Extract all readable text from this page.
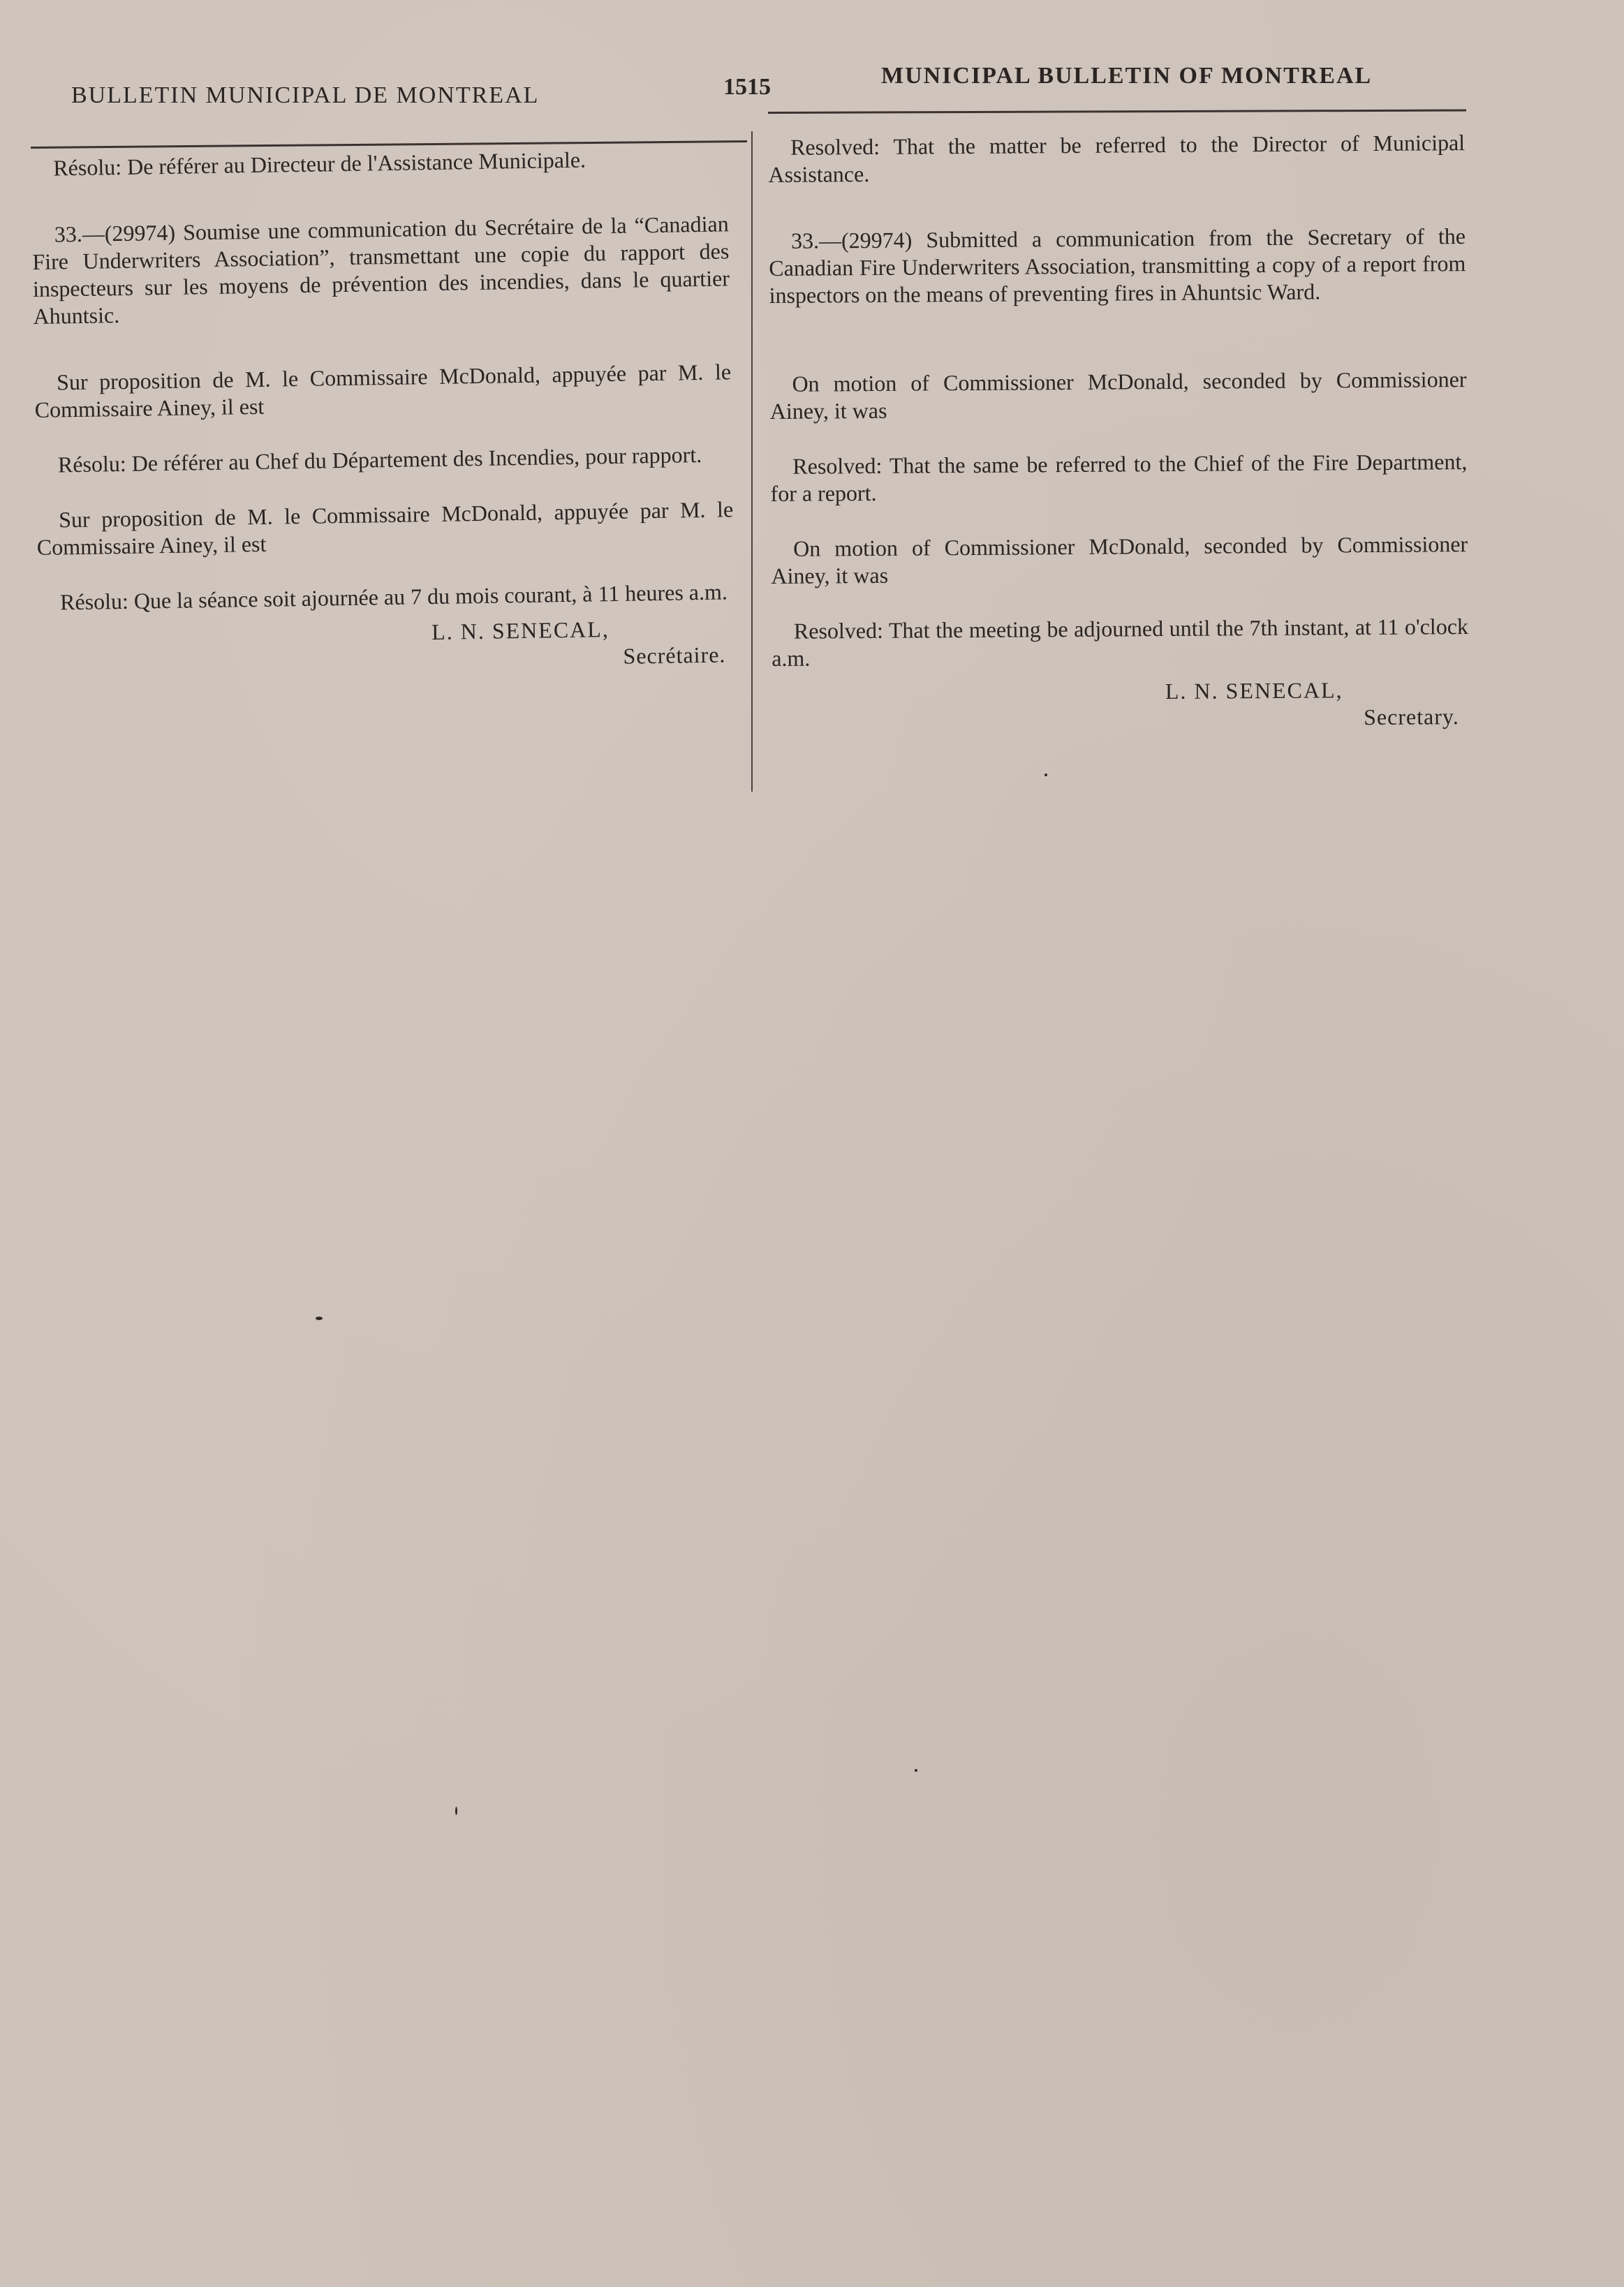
BULLETIN MUNICIPAL DE MONTREAL	1515	MUNICIPAL BULLETIN OF MONTREAL

Résolu: De référer au Directeur de l'Assistance Municipale.

33.—(29974) Soumise une communication du Secrétaire de la “Canadian Fire Underwriters Association”, transmettant une copie du rapport des inspecteurs sur les moyens de prévention des incendies, dans le quartier Ahuntsic.

Sur proposition de M. le Commissaire McDonald, appuyée par M. le Commissaire Ainey, il est

Résolu: De référer au Chef du Département des Incendies, pour rapport.

Sur proposition de M. le Commissaire McDonald, appuyée par M. le Commissaire Ainey, il est

Résolu: Que la séance soit ajournée au 7 du mois courant, à 11 heures a.m.

L. N. SENECAL,
Secrétaire.

Resolved: That the matter be referred to the Director of Municipal Assistance.

33.—(29974) Submitted a communication from the Secretary of the Canadian Fire Underwriters Association, transmitting a copy of a report from inspectors on the means of preventing fires in Ahuntsic Ward.

On motion of Commissioner McDonald, seconded by Commissioner Ainey, it was

Resolved: That the same be referred to the Chief of the Fire Department, for a report.

On motion of Commissioner McDonald, seconded by Commissioner Ainey, it was

Resolved: That the meeting be adjourned until the 7th instant, at 11 o'clock a.m.

L. N. SENECAL,
Secretary.
